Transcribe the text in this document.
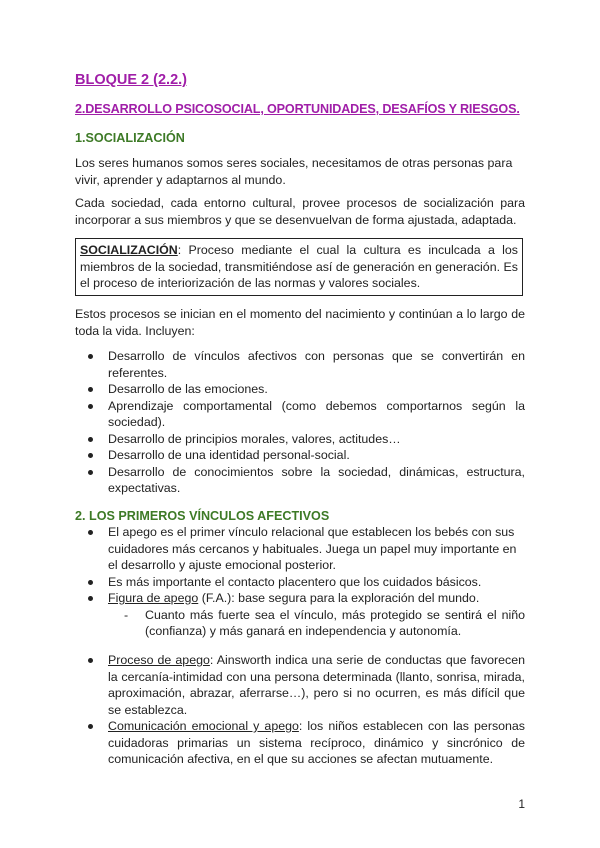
BLOQUE 2 (2.2.)
2.DESARROLLO PSICOSOCIAL, OPORTUNIDADES, DESAFÍOS Y RIESGOS.
1.SOCIALIZACIÓN

Los seres humanos somos seres sociales, necesitamos de otras personas para vivir, aprender y adaptarnos al mundo.

Cada sociedad, cada entorno cultural, provee procesos de socialización para incorporar a sus miembros y que se desenvuelvan de forma ajustada, adaptada.

SOCIALIZACIÓN: Proceso mediante el cual la cultura es inculcada a los miembros de la sociedad, transmitiéndose así de generación en generación. Es el proceso de interiorización de las normas y valores sociales.

Estos procesos se inician en el momento del nacimiento y continúan a lo largo de toda la vida. Incluyen:

Desarrollo de vínculos afectivos con personas que se convertirán en referentes.
Desarrollo de las emociones.
Aprendizaje comportamental (como debemos comportarnos según la sociedad).
Desarrollo de principios morales, valores, actitudes…
Desarrollo de una identidad personal-social.
Desarrollo de conocimientos sobre la sociedad, dinámicas, estructura, expectativas.
2. LOS PRIMEROS VÍNCULOS AFECTIVOS
El apego es el primer vínculo relacional que establecen los bebés con sus cuidadores más cercanos y habituales. Juega un papel muy importante en el desarrollo y ajuste emocional posterior.
Es más importante el contacto placentero que los cuidados básicos.
Figura de apego (F.A.): base segura para la exploración del mundo.
- Cuanto más fuerte sea el vínculo, más protegido se sentirá el niño (confianza) y más ganará en independencia y autonomía.
Proceso de apego: Ainsworth indica una serie de conductas que favorecen la cercanía-intimidad con una persona determinada (llanto, sonrisa, mirada, aproximación, abrazar, aferrarse…), pero si no ocurren, es más difícil que se establezca.
Comunicación emocional y apego: los niños establecen con las personas cuidadoras primarias un sistema recíproco, dinámico y sincrónico de comunicación afectiva, en el que su acciones se afectan mutuamente.
1
